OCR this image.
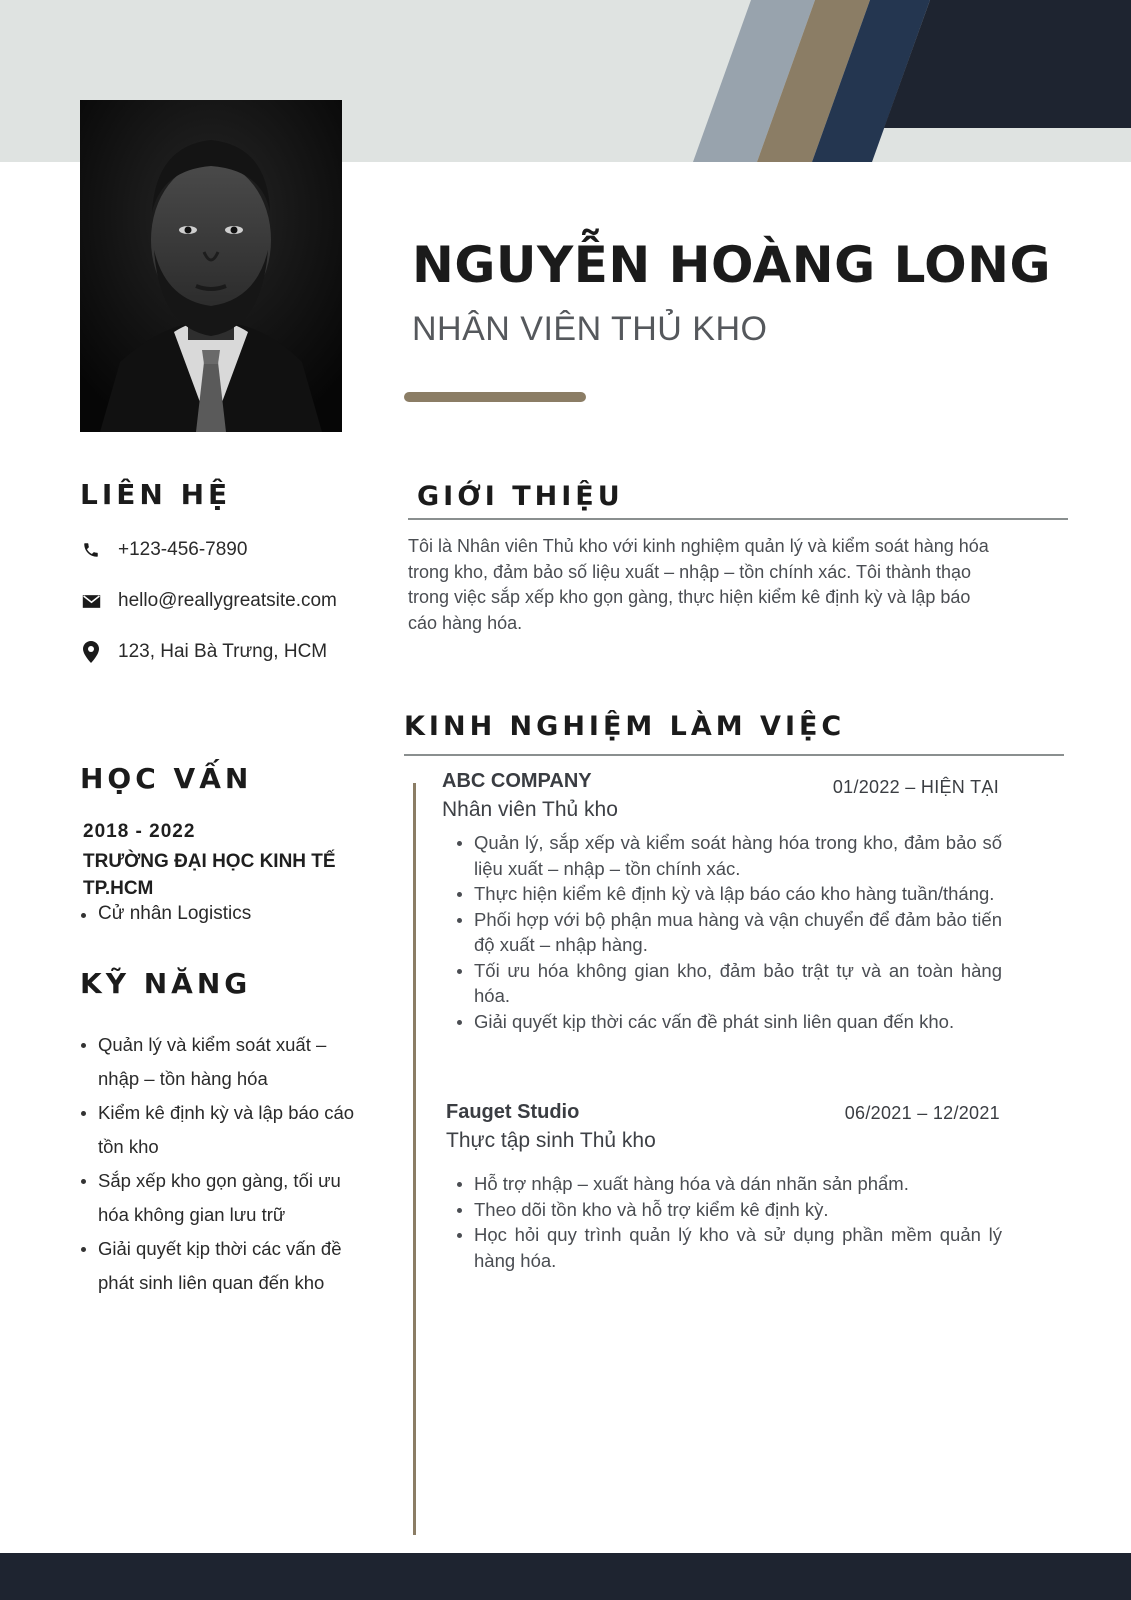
NGUYỄN HOÀNG LONG
NHÂN VIÊN THỦ KHO
LIÊN HỆ
+123-456-7890
hello@reallygreatsite.com
123, Hai Bà Trưng, HCM
HỌC VẤN
2018 - 2022
TRƯỜNG ĐẠI HỌC KINH TẾ TP.HCM
Cử nhân Logistics
KỸ NĂNG
Quản lý và kiểm soát xuất – nhập – tồn hàng hóa
Kiểm kê định kỳ và lập báo cáo tồn kho
Sắp xếp kho gọn gàng, tối ưu hóa không gian lưu trữ
Giải quyết kịp thời các vấn đề phát sinh liên quan đến kho
GIỚI THIỆU
Tôi là Nhân viên Thủ kho với kinh nghiệm quản lý và kiểm soát hàng hóa trong kho, đảm bảo số liệu xuất – nhập – tồn chính xác. Tôi thành thạo trong việc sắp xếp kho gọn gàng, thực hiện kiểm kê định kỳ và lập báo cáo hàng hóa.
KINH NGHIỆM LÀM VIỆC
ABC COMPANY	01/2022 – HIỆN TẠI
Nhân viên Thủ kho
Quản lý, sắp xếp và kiểm soát hàng hóa trong kho, đảm bảo số liệu xuất – nhập – tồn chính xác.
Thực hiện kiểm kê định kỳ và lập báo cáo kho hàng tuần/tháng.
Phối hợp với bộ phận mua hàng và vận chuyển để đảm bảo tiến độ xuất – nhập hàng.
Tối ưu hóa không gian kho, đảm bảo trật tự và an toàn hàng hóa.
Giải quyết kịp thời các vấn đề phát sinh liên quan đến kho.
Fauget Studio	06/2021 – 12/2021
Thực tập sinh Thủ kho
Hỗ trợ nhập – xuất hàng hóa và dán nhãn sản phẩm.
Theo dõi tồn kho và hỗ trợ kiểm kê định kỳ.
Học hỏi quy trình quản lý kho và sử dụng phần mềm quản lý hàng hóa.
